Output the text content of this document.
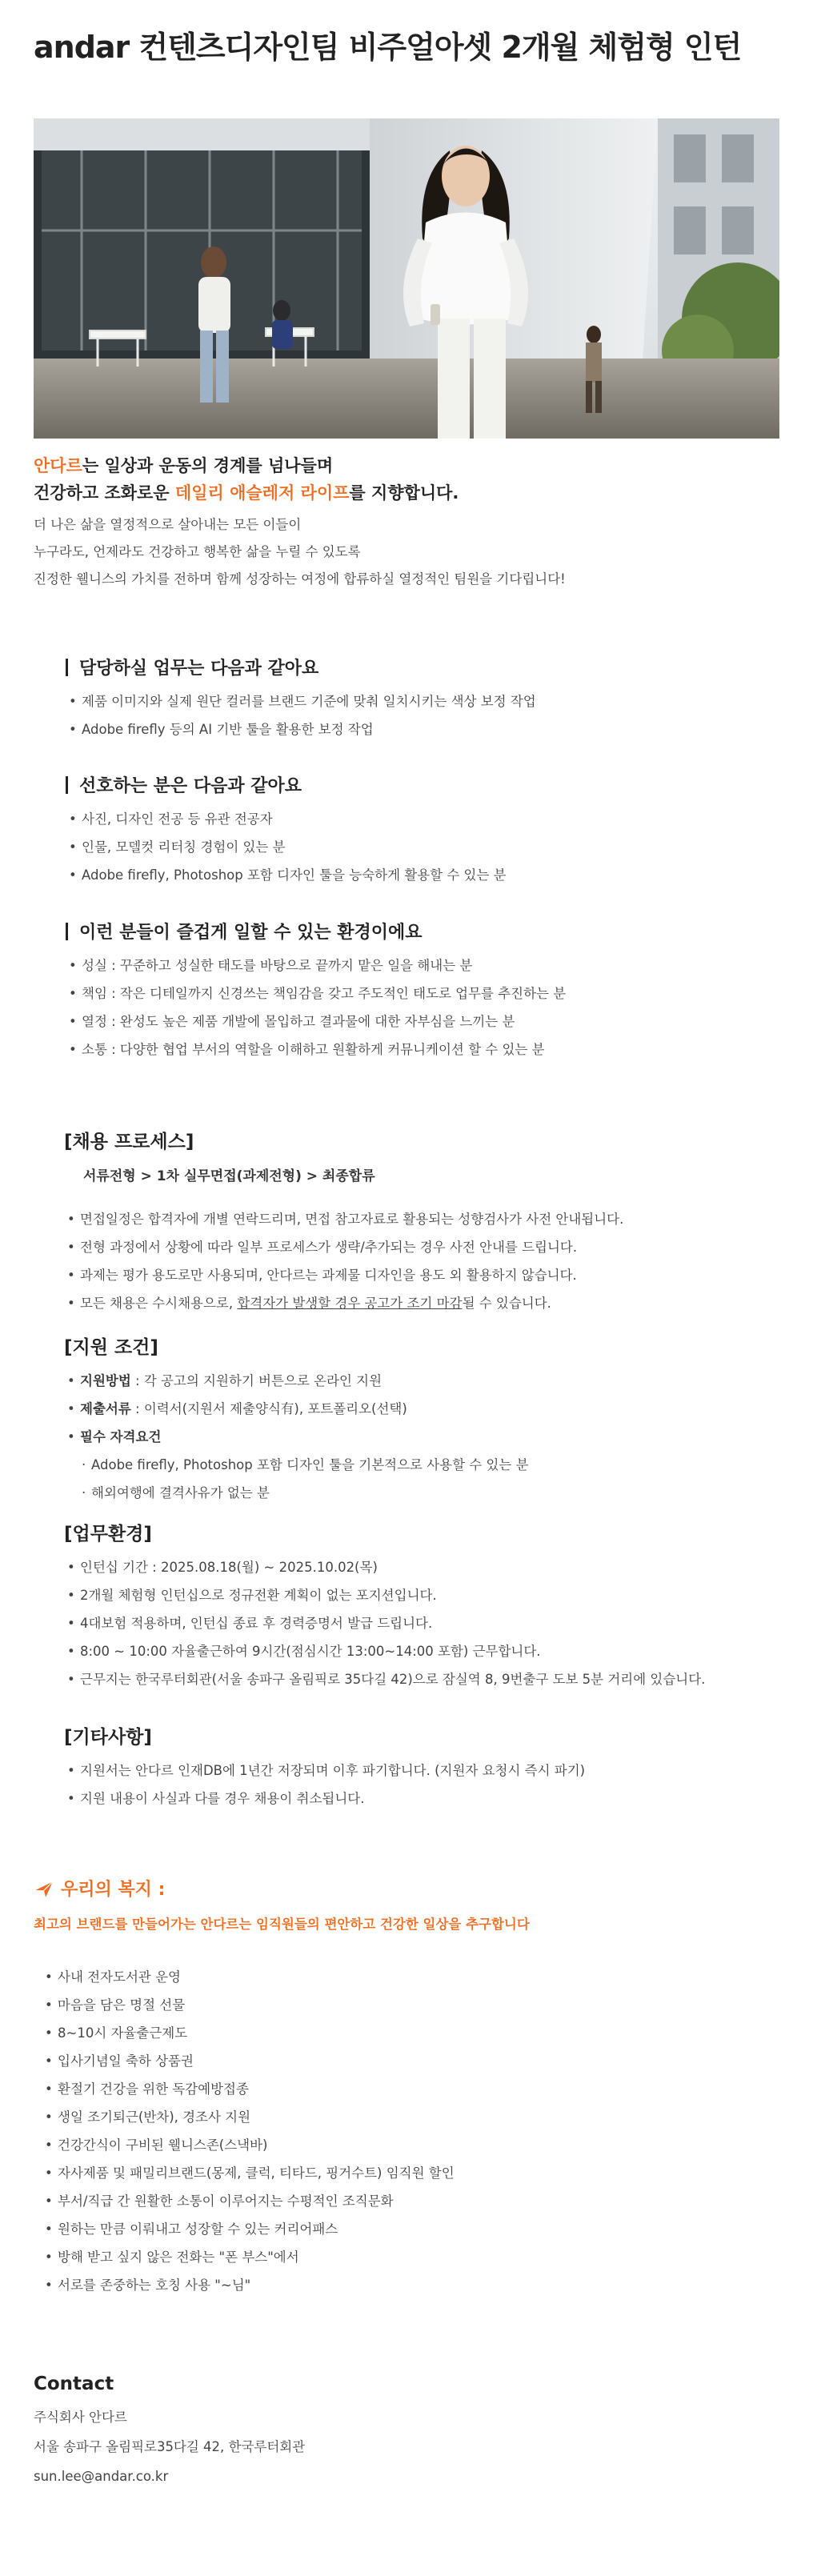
andar 컨텐츠디자인팀 비주얼아셋 2개월 체험형 인턴

안다르는 일상과 운동의 경계를 넘나들며

건강하고 조화로운 데일리 애슬레저 라이프를 지향합니다.

더 나은 삶을 열정적으로 살아내는 모든 이들이

누구라도, 언제라도 건강하고 행복한 삶을 누릴 수 있도록

진정한 웰니스의 가치를 전하며 함께 성장하는 여정에 합류하실 열정적인 팀원을 기다립니다!

담당하실 업무는 다음과 같아요
• 제품 이미지와 실제 원단 컬러를 브랜드 기준에 맞춰 일치시키는 색상 보정 작업
• Adobe firefly 등의 AI 기반 툴을 활용한 보정 작업
선호하는 분은 다음과 같아요
• 사진, 디자인 전공 등 유관 전공자
• 인물, 모델컷 리터칭 경험이 있는 분
• Adobe firefly, Photoshop 포함 디자인 툴을 능숙하게 활용할 수 있는 분
이런 분들이 즐겁게 일할 수 있는 환경이에요
• 성실 : 꾸준하고 성실한 태도를 바탕으로 끝까지 맡은 일을 해내는 분
• 책임 : 작은 디테일까지 신경쓰는 책임감을 갖고 주도적인 태도로 업무를 추진하는 분
• 열정 : 완성도 높은 제품 개발에 몰입하고 결과물에 대한 자부심을 느끼는 분
• 소통 : 다양한 협업 부서의 역할을 이해하고 원활하게 커뮤니케이션 할 수 있는 분
[채용 프로세스]

서류전형 > 1차 실무면접(과제전형) > 최종합류

• 면접일정은 합격자에 개별 연락드리며, 면접 참고자료로 활용되는 성향검사가 사전 안내됩니다.
• 전형 과정에서 상황에 따라 일부 프로세스가 생략/추가되는 경우 사전 안내를 드립니다.
• 과제는 평가 용도로만 사용되며, 안다르는 과제물 디자인을 용도 외 활용하지 않습니다.
• 모든 채용은 수시채용으로, 합격자가 발생할 경우 공고가 조기 마감될 수 있습니다.
[지원 조건]
• 지원방법 : 각 공고의 지원하기 버튼으로 온라인 지원
• 제출서류 : 이력서(지원서 제출양식有), 포트폴리오(선택)
• 필수 자격요건
· Adobe firefly, Photoshop 포함 디자인 툴을 기본적으로 사용할 수 있는 분
· 해외여행에 결격사유가 없는 분
[업무환경]
• 인턴십 기간 : 2025.08.18(월) ~ 2025.10.02(목)
• 2개월 체험형 인턴십으로 정규전환 계획이 없는 포지션입니다.
• 4대보험 적용하며, 인턴십 종료 후 경력증명서 발급 드립니다.
• 8:00 ~ 10:00 자율출근하여 9시간(점심시간 13:00~14:00 포함) 근무합니다.
• 근무지는 한국루터회관(서울 송파구 올림픽로 35다길 42)으로 잠실역 8, 9번출구 도보 5분 거리에 있습니다.
[기타사항]
• 지원서는 안다르 인재DB에 1년간 저장되며 이후 파기합니다. (지원자 요청시 즉시 파기)
• 지원 내용이 사실과 다를 경우 채용이 취소됩니다.
우리의 복지 :

최고의 브랜드를 만들어가는 안다르는 임직원들의 편안하고 건강한 일상을 추구합니다

• 사내 전자도서관 운영
• 마음을 담은 명절 선물
• 8~10시 자율출근제도
• 입사기념일 축하 상품권
• 환절기 건강을 위한 독감예방접종
• 생일 조기퇴근(반차), 경조사 지원
• 건강간식이 구비된 웰니스존(스낵바)
• 자사제품 및 패밀리브랜드(몽제, 클럭, 티타드, 핑거수트) 임직원 할인
• 부서/직급 간 원활한 소통이 이루어지는 수평적인 조직문화
• 원하는 만큼 이뤄내고 성장할 수 있는 커리어패스
• 방해 받고 싶지 않은 전화는 "폰 부스"에서
• 서로를 존중하는 호칭 사용 "~님"
Contact

주식회사 안다르

서울 송파구 올림픽로35다길 42, 한국루터회관

sun.lee@andar.co.kr
